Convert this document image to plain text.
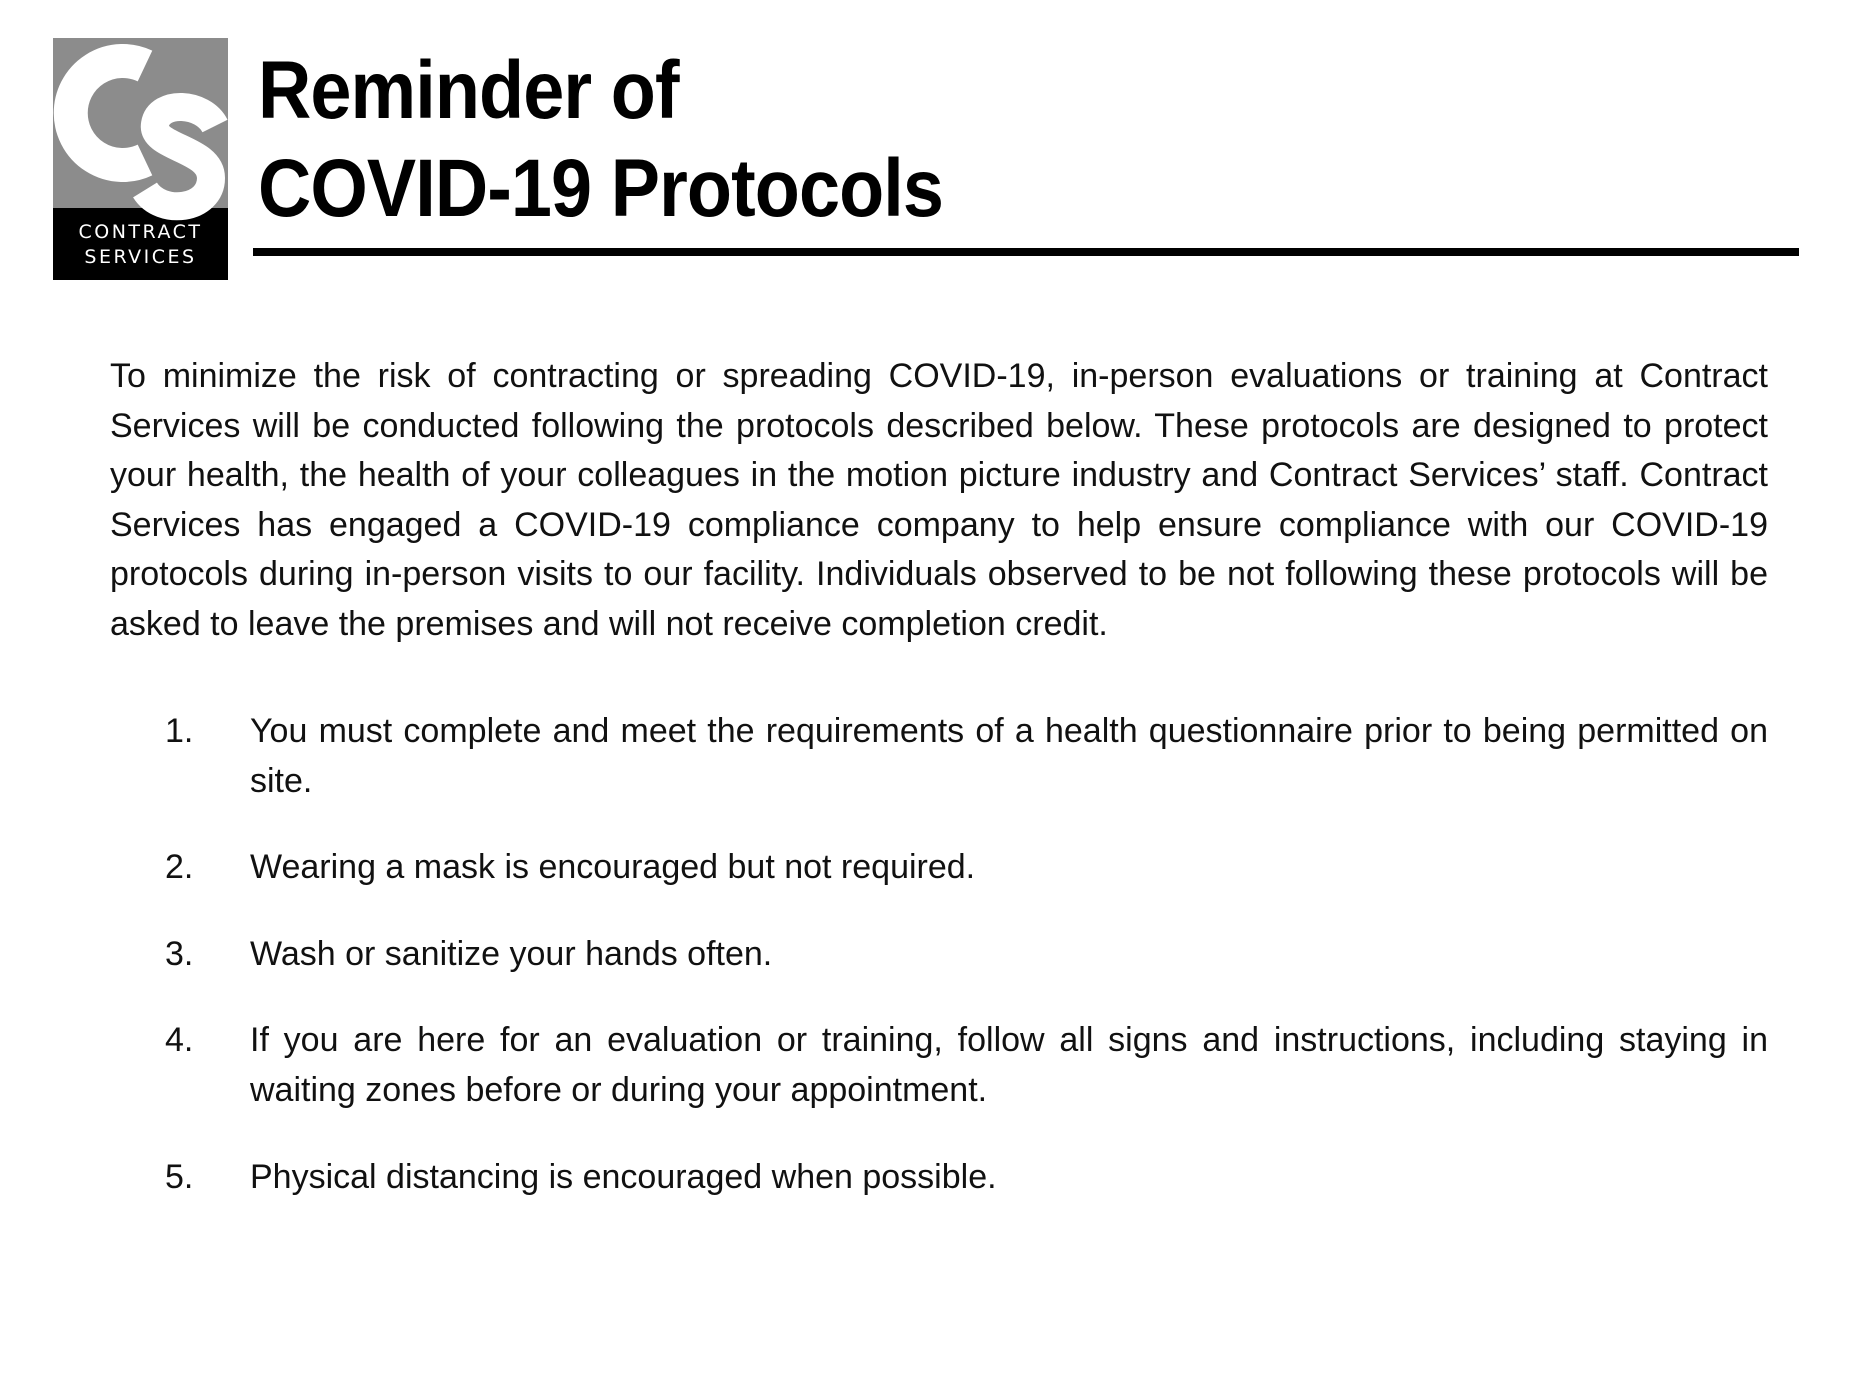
CONTRACT
SERVICES
Reminder of
COVID-19 Protocols

To minimize the risk of contracting or spreading COVID-19, in-person evaluations or training at Contract Services will be conducted following the protocols described below. These protocols are designed to protect your health, the health of your colleagues in the motion picture industry and Contract Services’ staff. Contract Services has engaged a COVID-19 compliance company to help ensure compliance with our COVID-19 protocols during in-person visits to our facility. Individuals observed to be not following these protocols will be asked to leave the premises and will not receive completion credit.

1. You must complete and meet the requirements of a health questionnaire prior to being permitted on site.
2. Wearing a mask is encouraged but not required.
3. Wash or sanitize your hands often.
4. If you are here for an evaluation or training, follow all signs and instructions, including staying in waiting zones before or during your appointment.
5. Physical distancing is encouraged when possible.
